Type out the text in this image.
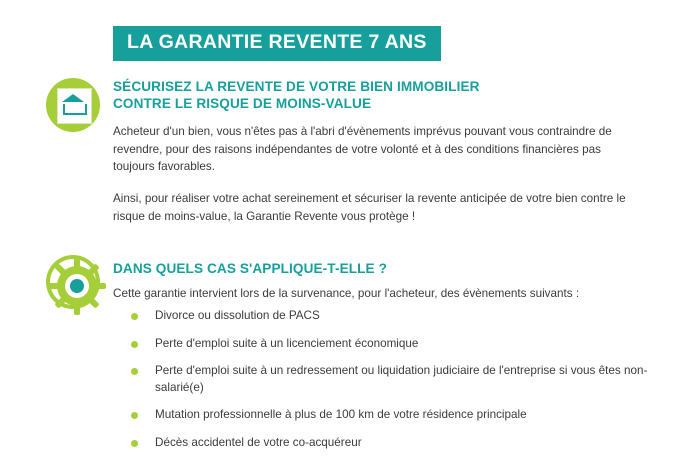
LA GARANTIE REVENTE 7 ANS
SÉCURISEZ LA REVENTE DE VOTRE BIEN IMMOBILIER
CONTRE LE RISQUE DE MOINS-VALUE

Acheteur d'un bien, vous n'êtes pas à l'abri d'évènements imprévus pouvant vous contraindre de revendre, pour des raisons indépendantes de votre volonté et à des conditions financières pas toujours favorables.

Ainsi, pour réaliser votre achat sereinement et sécuriser la revente anticipée de votre bien contre le risque de moins-value, la Garantie Revente vous protège !

DANS QUELS CAS S'APPLIQUE-T-ELLE ?

Cette garantie intervient lors de la survenance, pour l'acheteur, des évènements suivants :

Divorce ou dissolution de PACS
Perte d'emploi suite à un licenciement économique
Perte d'emploi suite à un redressement ou liquidation judiciaire de l'entreprise si vous êtes non-salarié(e)
Mutation professionnelle à plus de 100 km de votre résidence principale
Décès accidentel de votre co-acquéreur
